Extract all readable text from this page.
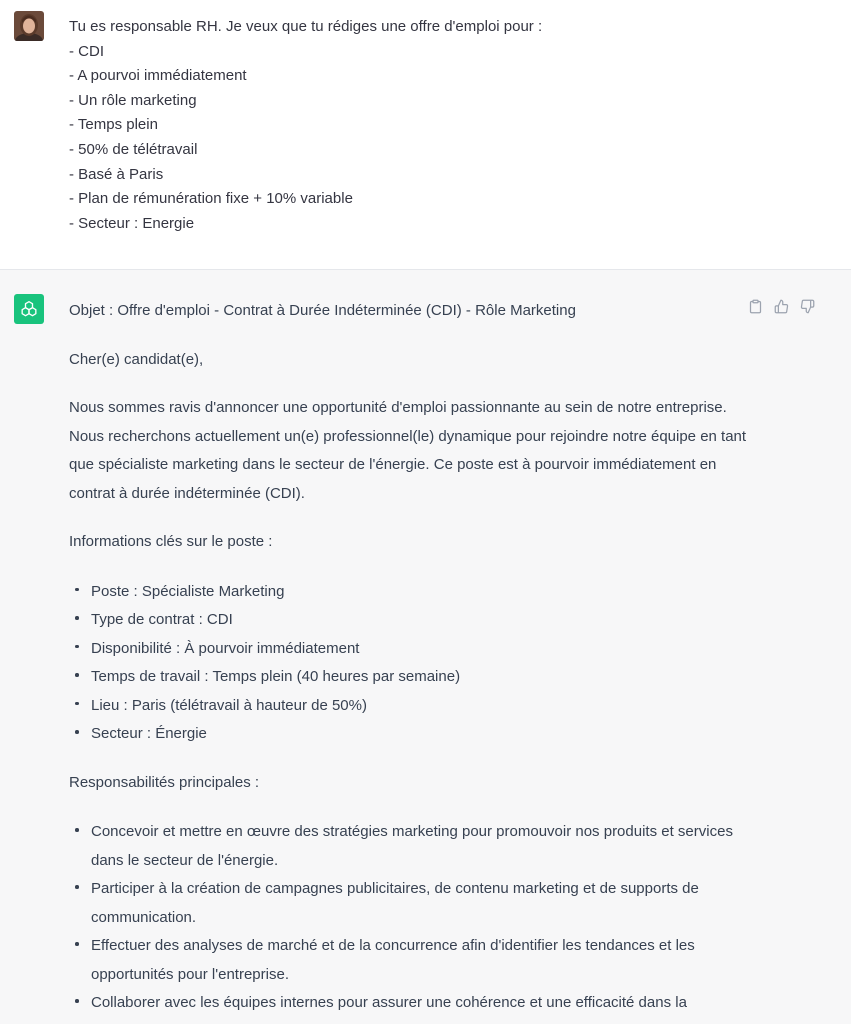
Tu es responsable RH. Je veux que tu rédiges une offre d'emploi pour :
- CDI
- A pourvoi immédiatement
- Un rôle marketing
- Temps plein
- 50% de télétravail
- Basé à Paris
- Plan de rémunération fixe + 10% variable
- Secteur : Energie

Objet : Offre d'emploi - Contrat à Durée Indéterminée (CDI) - Rôle Marketing

Cher(e) candidat(e),

Nous sommes ravis d'annoncer une opportunité d'emploi passionnante au sein de notre entreprise. Nous recherchons actuellement un(e) professionnel(le) dynamique pour rejoindre notre équipe en tant que spécialiste marketing dans le secteur de l'énergie. Ce poste est à pourvoir immédiatement en contrat à durée indéterminée (CDI).

Informations clés sur le poste :

Poste : Spécialiste Marketing
Type de contrat : CDI
Disponibilité : À pourvoir immédiatement
Temps de travail : Temps plein (40 heures par semaine)
Lieu : Paris (télétravail à hauteur de 50%)
Secteur : Énergie

Responsabilités principales :

Concevoir et mettre en œuvre des stratégies marketing pour promouvoir nos produits et services dans le secteur de l'énergie.
Participer à la création de campagnes publicitaires, de contenu marketing et de supports de communication.
Effectuer des analyses de marché et de la concurrence afin d'identifier les tendances et les opportunités pour l'entreprise.
Collaborer avec les équipes internes pour assurer une cohérence et une efficacité dans la
